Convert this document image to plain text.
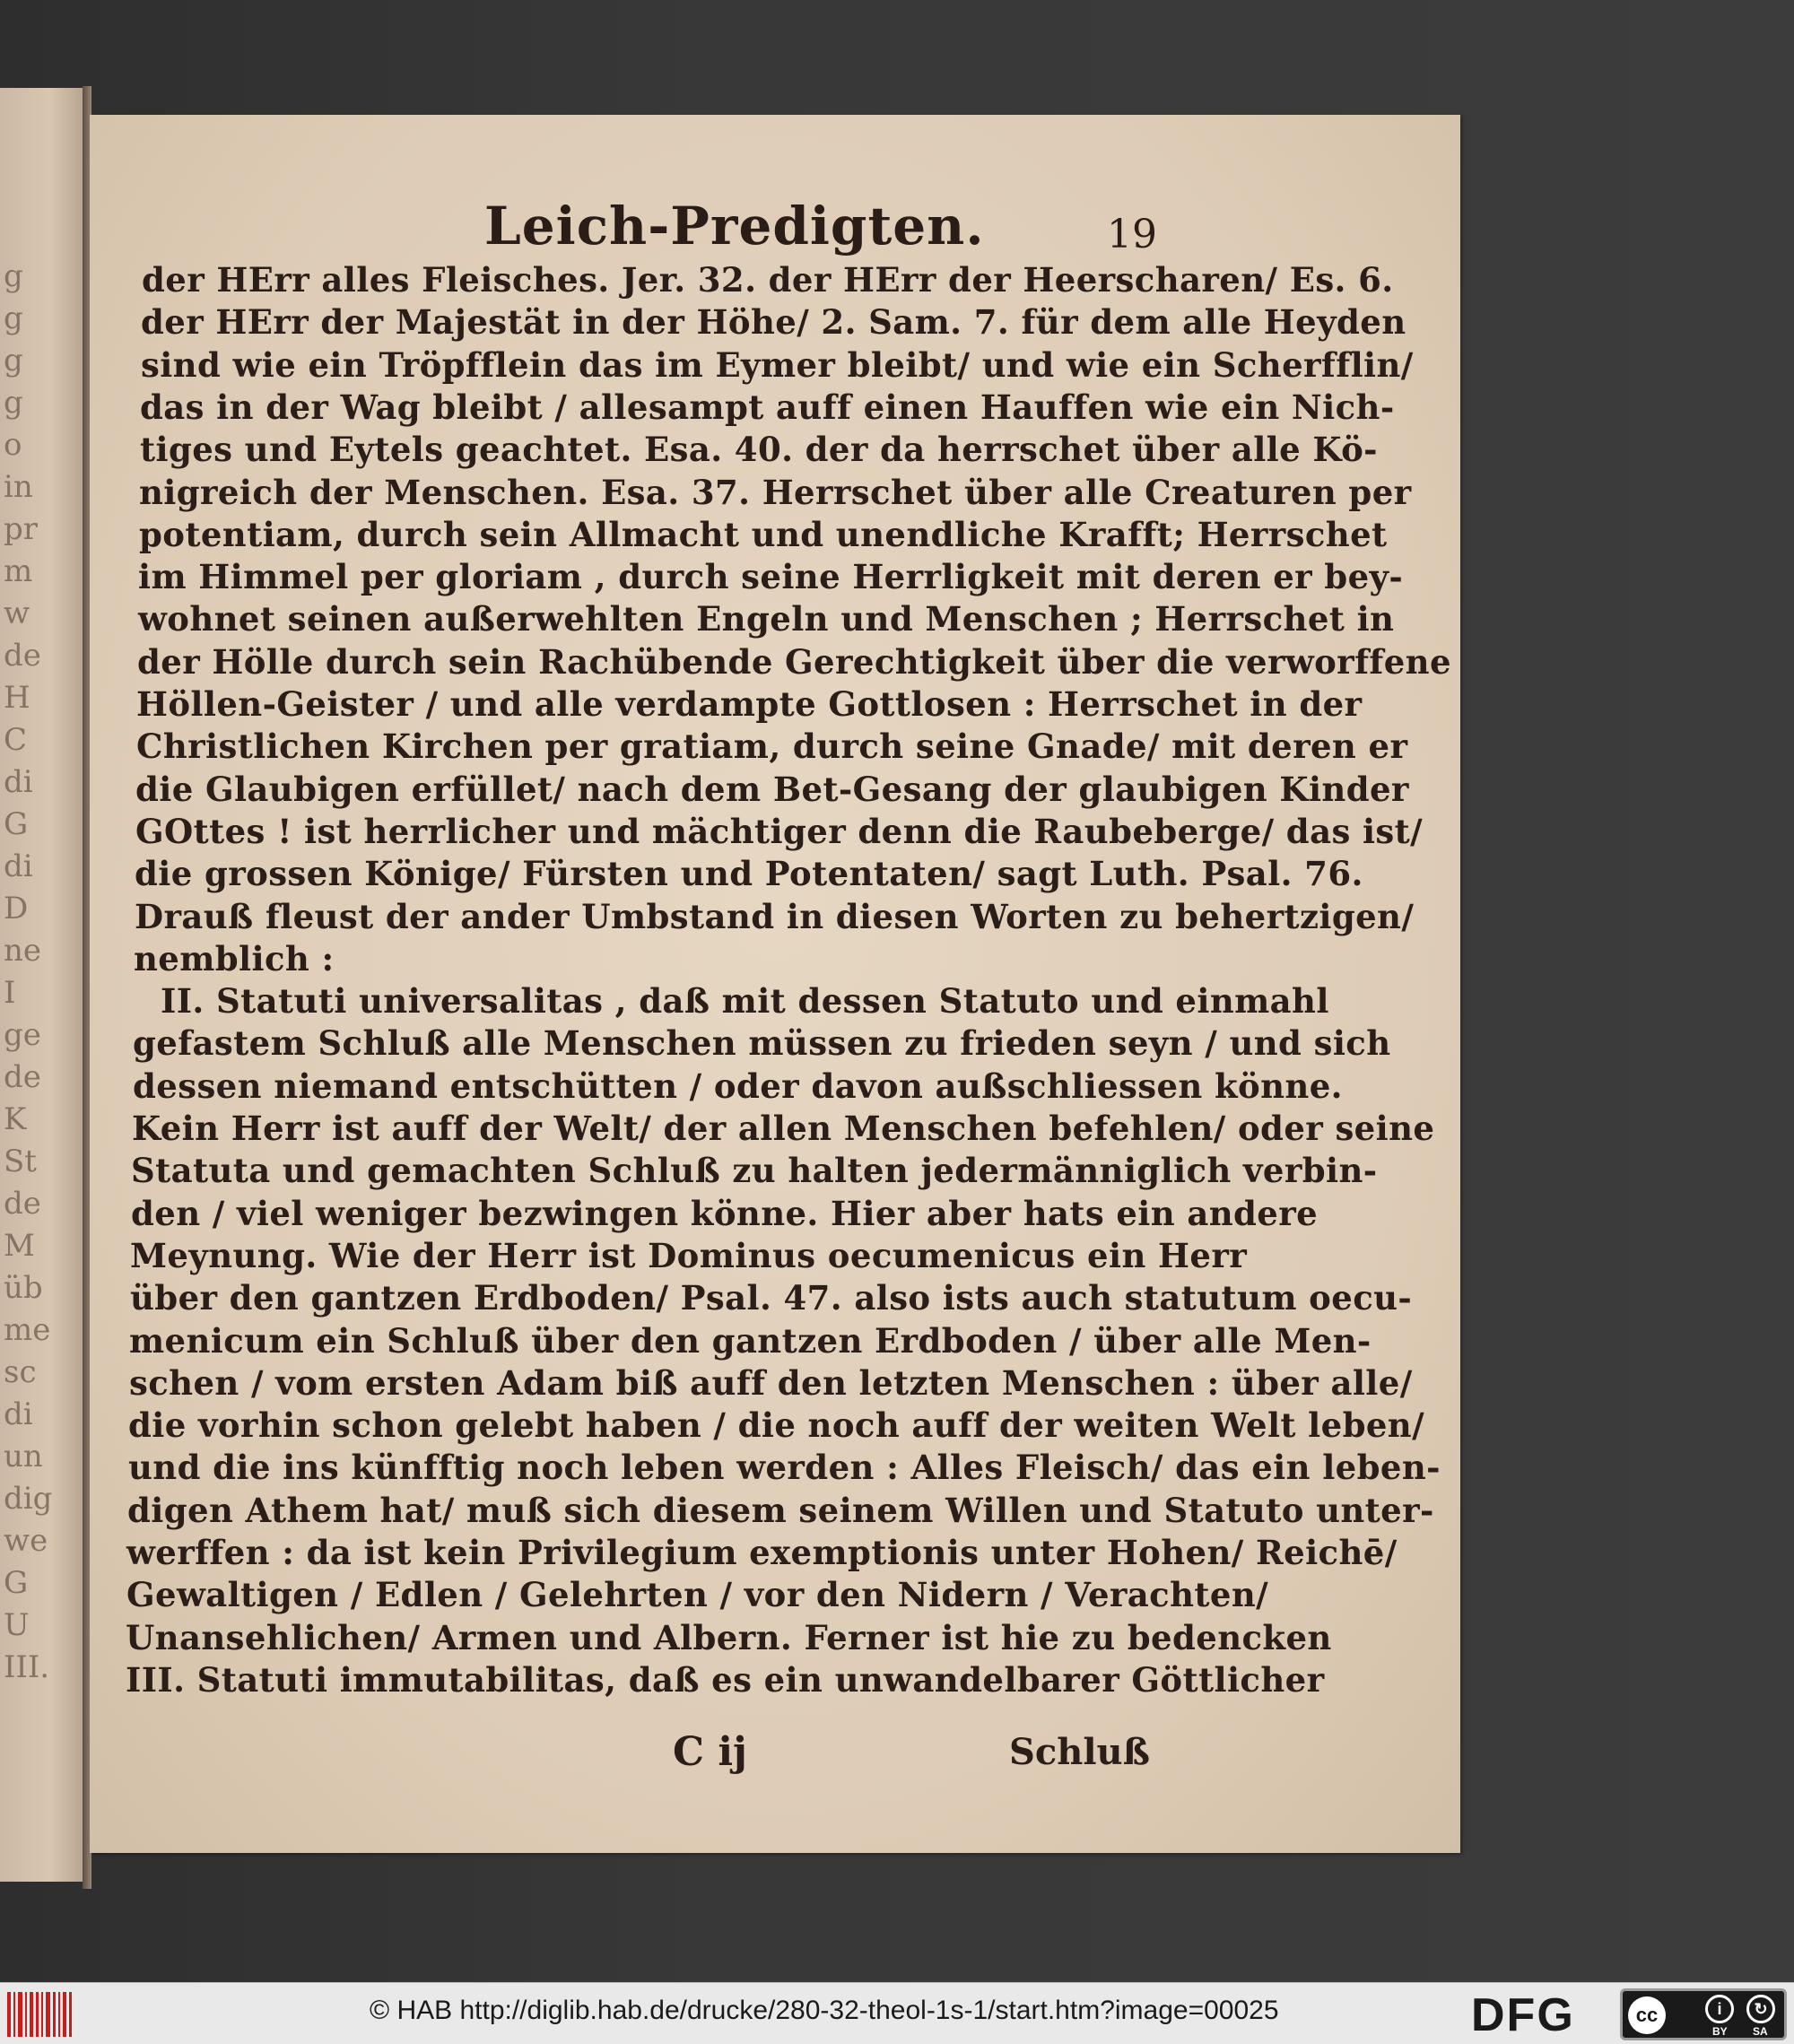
g
g
g
g
o
in
pr
m
w
de
H
C
di
G
di
D
ne
I
ge
de
K
St
de
M
üb
me
sc
di
un
dig
we
G
U
III.
Leich-Predigten.	19
der HErr alles Fleisches. Jer. 32. der HErr der Heerscharen/ Es. 6.
der HErr der Majestät in der Höhe/ 2. Sam. 7. für dem alle Heyden
sind wie ein Tröpfflein das im Eymer bleibt/ und wie ein Scherfflin/
das in der Wag bleibt / allesampt auff einen Hauffen wie ein Nich-
tiges und Eytels geachtet. Esa. 40. der da herrschet über alle Kö-
nigreich der Menschen. Esa. 37. Herrschet über alle Creaturen per
potentiam, durch sein Allmacht und unendliche Krafft; Herrschet
im Himmel per gloriam , durch seine Herrligkeit mit deren er bey-
wohnet seinen außerwehlten Engeln und Menschen ; Herrschet in
der Hölle durch sein Rachübende Gerechtigkeit über die verworffene
Höllen-Geister / und alle verdampte Gottlosen : Herrschet in der
Christlichen Kirchen per gratiam, durch seine Gnade/ mit deren er
die Glaubigen erfüllet/ nach dem Bet-Gesang der glaubigen Kinder
GOttes ! ist herrlicher und mächtiger denn die Raubeberge/ das ist/
die grossen Könige/ Fürsten und Potentaten/ sagt Luth. Psal. 76.
Drauß fleust der ander Umbstand in diesen Worten zu behertzigen/
nemblich :
II. Statuti universalitas , daß mit dessen Statuto und einmahl
gefastem Schluß alle Menschen müssen zu frieden seyn / und sich
dessen niemand entschütten / oder davon außschliessen könne.
Kein Herr ist auff der Welt/ der allen Menschen befehlen/ oder seine
Statuta und gemachten Schluß zu halten jedermänniglich verbin-
den / viel weniger bezwingen könne. Hier aber hats ein andere
Meynung. Wie der Herr ist Dominus oecumenicus ein Herr
über den gantzen Erdboden/ Psal. 47. also ists auch statutum oecu-
menicum ein Schluß über den gantzen Erdboden / über alle Men-
schen / vom ersten Adam biß auff den letzten Menschen : über alle/
die vorhin schon gelebt haben / die noch auff der weiten Welt leben/
und die ins künfftig noch leben werden : Alles Fleisch/ das ein leben-
digen Athem hat/ muß sich diesem seinem Willen und Statuto unter-
werffen : da ist kein Privilegium exemptionis unter Hohen/ Reichē/
Gewaltigen / Edlen / Gelehrten / vor den Nidern / Verachten/
Unansehlichen/ Armen und Albern. Ferner ist hie zu bedencken
III. Statuti immutabilitas, daß es ein unwandelbarer Göttlicher
C ij	Schluß
© HAB http://diglib.hab.de/drucke/280-32-theol-1s-1/start.htm?image=00025	DFG	cc	i	↻
BY SA
